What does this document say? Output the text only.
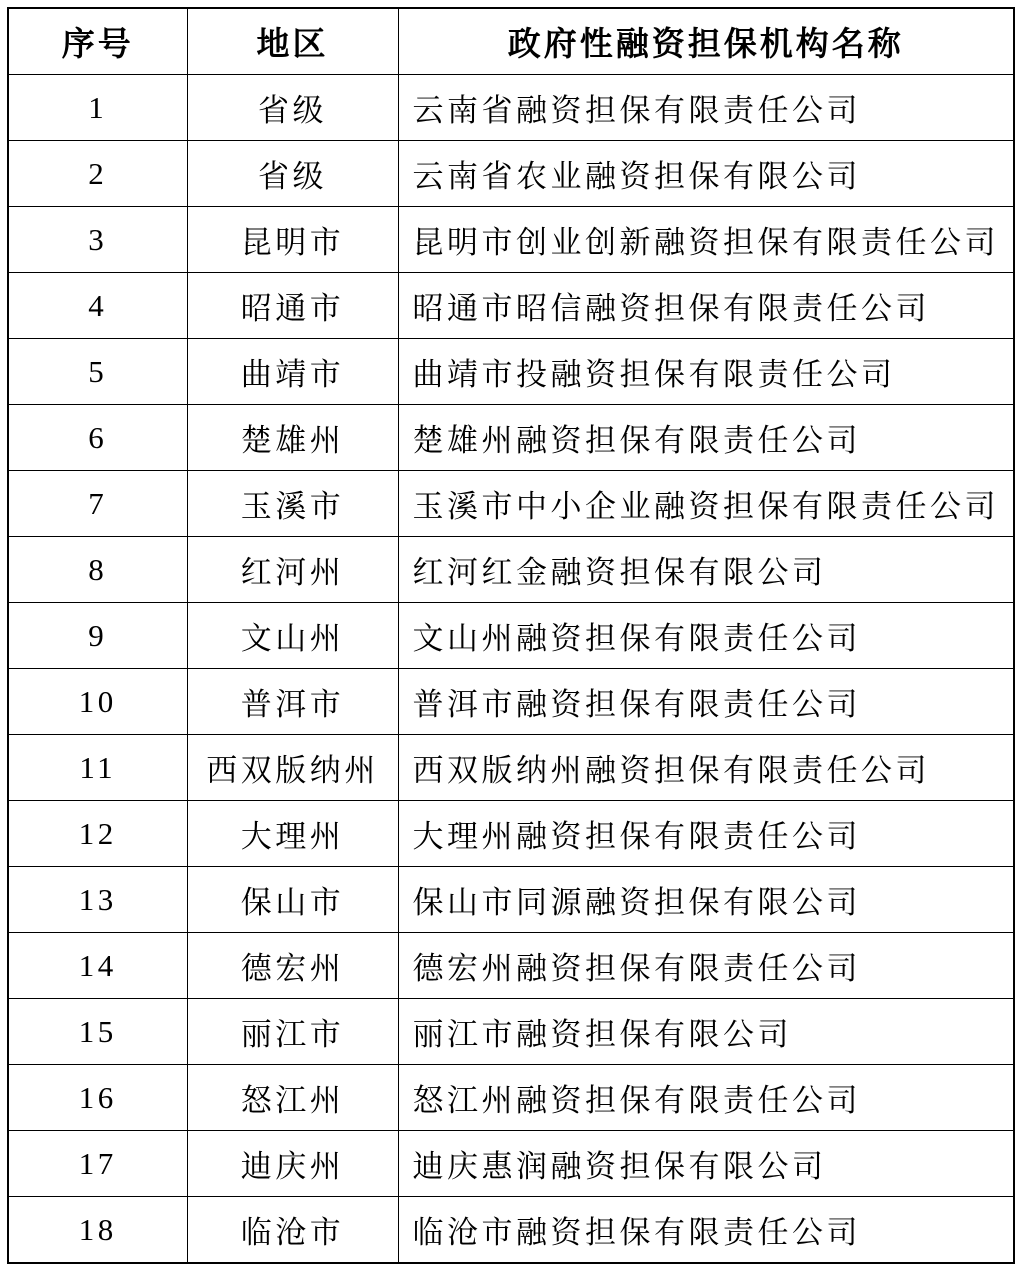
序号	地区	政府性融资担保机构名称
1	省级	云南省融资担保有限责任公司
2	省级	云南省农业融资担保有限公司
3	昆明市	昆明市创业创新融资担保有限责任公司
4	昭通市	昭通市昭信融资担保有限责任公司
5	曲靖市	曲靖市投融资担保有限责任公司
6	楚雄州	楚雄州融资担保有限责任公司
7	玉溪市	玉溪市中小企业融资担保有限责任公司
8	红河州	红河红金融资担保有限公司
9	文山州	文山州融资担保有限责任公司
10	普洱市	普洱市融资担保有限责任公司
11	西双版纳州	西双版纳州融资担保有限责任公司
12	大理州	大理州融资担保有限责任公司
13	保山市	保山市同源融资担保有限公司
14	德宏州	德宏州融资担保有限责任公司
15	丽江市	丽江市融资担保有限公司
16	怒江州	怒江州融资担保有限责任公司
17	迪庆州	迪庆惠润融资担保有限公司
18	临沧市	临沧市融资担保有限责任公司
